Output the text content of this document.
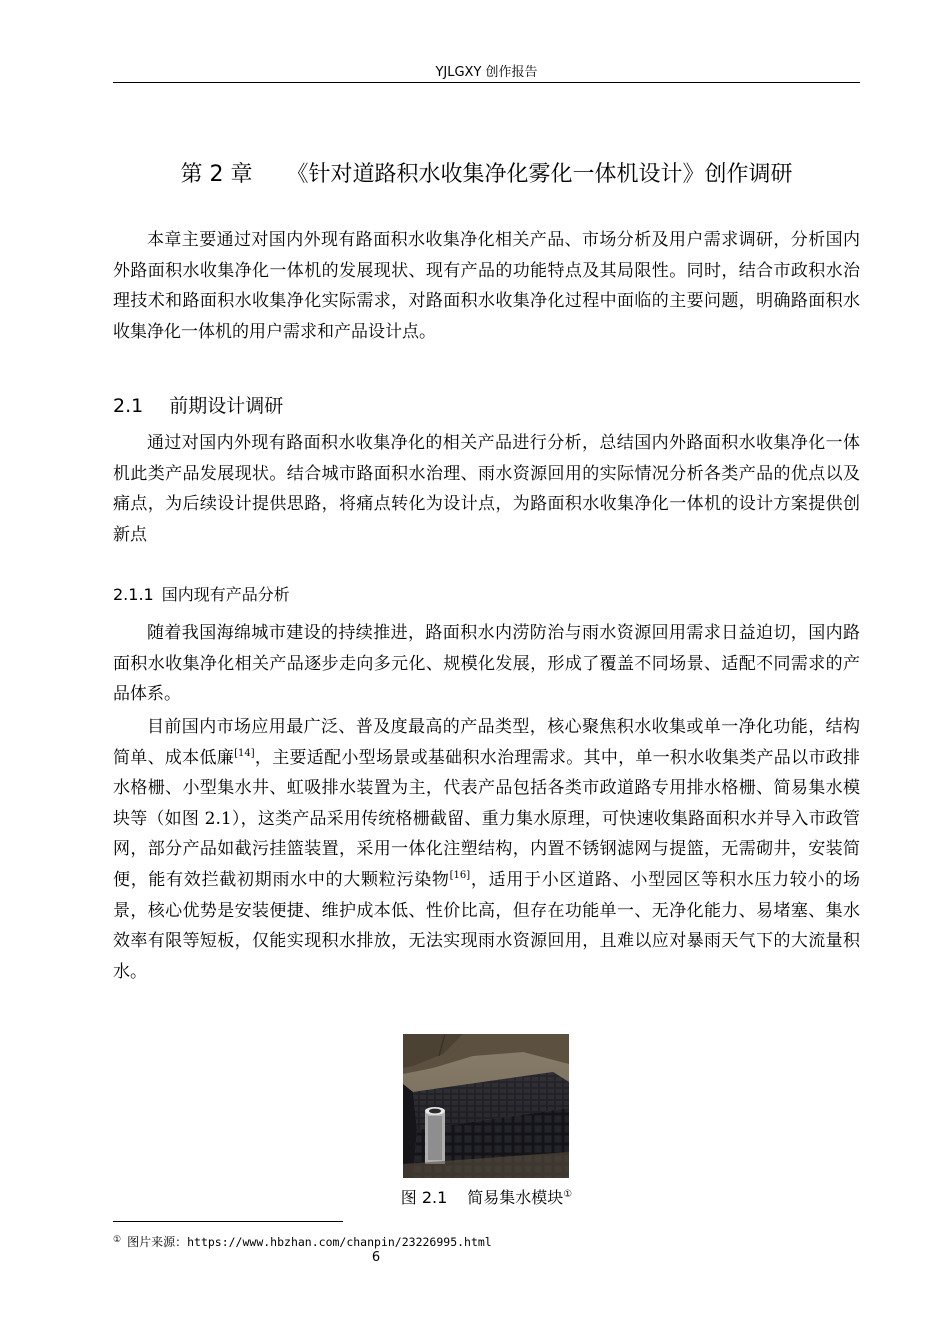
YJLGXY 创作报告
第 2 章 《针对道路积水收集净化雾化一体机设计》创作调研

本章主要通过对国内外现有路面积水收集净化相关产品、市场分析及用户需求调研，分析国内外路面积水收集净化一体机的发展现状、现有产品的功能特点及其局限性。同时，结合市政积水治理技术和路面积水收集净化实际需求，对路面积水收集净化过程中面临的主要问题，明确路面积水收集净化一体机的用户需求和产品设计点。

2.1 前期设计调研

通过对国内外现有路面积水收集净化的相关产品进行分析，总结国内外路面积水收集净化一体机此类产品发展现状。结合城市路面积水治理、雨水资源回用的实际情况分析各类产品的优点以及痛点，为后续设计提供思路，将痛点转化为设计点，为路面积水收集净化一体机的设计方案提供创新点

2.1.1 国内现有产品分析

随着我国海绵城市建设的持续推进，路面积水内涝防治与雨水资源回用需求日益迫切，国内路面积水收集净化相关产品逐步走向多元化、规模化发展，形成了覆盖不同场景、适配不同需求的产品体系。

目前国内市场应用最广泛、普及度最高的产品类型，核心聚焦积水收集或单一净化功能，结构简单、成本低廉[14]，主要适配小型场景或基础积水治理需求。其中，单一积水收集类产品以市政排水格栅、小型集水井、虹吸排水装置为主，代表产品包括各类市政道路专用排水格栅、简易集水模块等（如图 2.1），这类产品采用传统格栅截留、重力集水原理，可快速收集路面积水并导入市政管网，部分产品如截污挂篮装置，采用一体化注塑结构，内置不锈钢滤网与提篮，无需砌井，安装简便，能有效拦截初期雨水中的大颗粒污染物[16]，适用于小区道路、小型园区等积水压力较小的场景，核心优势是安装便捷、维护成本低、性价比高，但存在功能单一、无净化能力、易堵塞、集水效率有限等短板，仅能实现积水排放，无法实现雨水资源回用，且难以应对暴雨天气下的大流量积水。

图 2.1 简易集水模块①
① 图片来源：https://www.hbzhan.com/chanpin/23226995.html
6
